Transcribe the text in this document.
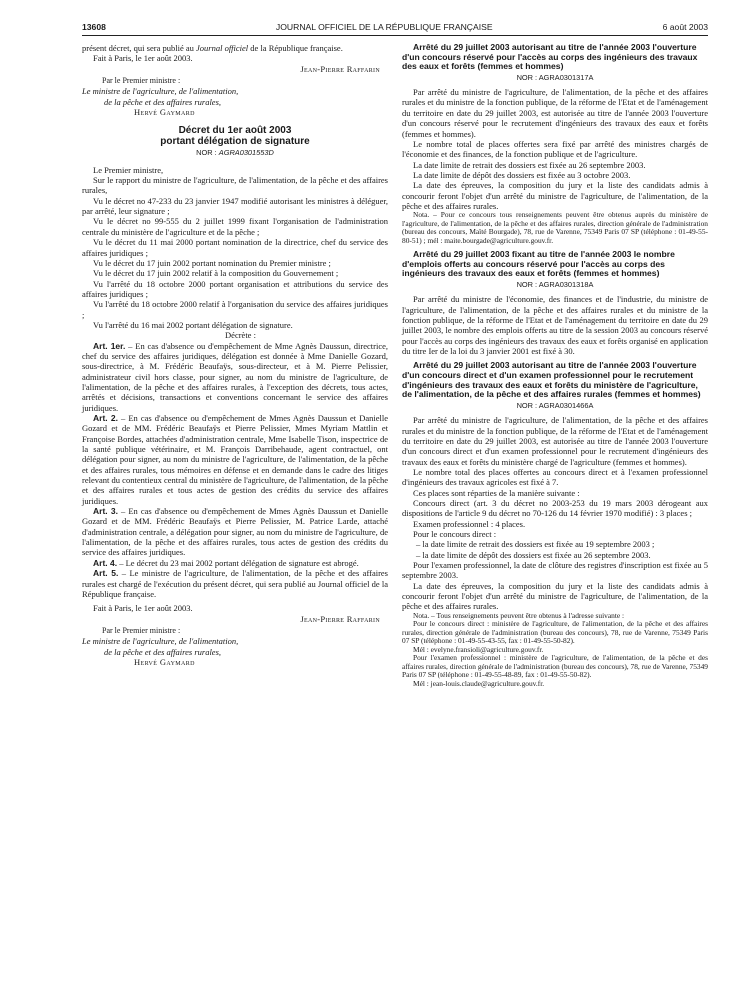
13608	JOURNAL OFFICIEL DE LA RÉPUBLIQUE FRANÇAISE	6 août 2003

présent décret, qui sera publié au Journal officiel de la République française.

Fait à Paris, le 1er août 2003.

Jean-Pierre Raffarin

Par le Premier ministre :
Le ministre de l'agriculture, de l'alimentation,
de la pêche et des affaires rurales,
Hervé Gaymard
Décret du 1er août 2003
portant délégation de signature
NOR : AGRA0301553D

Le Premier ministre,

Sur le rapport du ministre de l'agriculture, de l'alimentation, de la pêche et des affaires rurales,

Vu le décret no 47-233 du 23 janvier 1947 modifié autorisant les ministres à déléguer, par arrêté, leur signature ;

Vu le décret no 99-555 du 2 juillet 1999 fixant l'organisation de l'administration centrale du ministère de l'agriculture et de la pêche ;

Vu le décret du 11 mai 2000 portant nomination de la directrice, chef du service des affaires juridiques ;

Vu le décret du 17 juin 2002 portant nomination du Premier ministre ;

Vu le décret du 17 juin 2002 relatif à la composition du Gouvernement ;

Vu l'arrêté du 18 octobre 2000 portant organisation et attributions du service des affaires juridiques ;

Vu l'arrêté du 18 octobre 2000 relatif à l'organisation du service des affaires juridiques ;

Vu l'arrêté du 16 mai 2002 portant délégation de signature.

Décrète :

Art. 1er. – En cas d'absence ou d'empêchement de Mme Agnès Daussun, directrice, chef du service des affaires juridiques, délégation est donnée à Mme Danielle Gozard, sous-directrice, à M. Frédéric Beaufaÿs, sous-directeur, et à M. Pierre Pelissier, administrateur civil hors classe, pour signer, au nom du ministre de l'agriculture, de l'alimentation, de la pêche et des affaires rurales, à l'exception des décrets, tous actes, arrêtés et décisions, transactions et conventions concernant le service des affaires juridiques.

Art. 2. – En cas d'absence ou d'empêchement de Mmes Agnès Daussun et Danielle Gozard et de MM. Frédéric Beaufaÿs et Pierre Pelissier, Mmes Myriam Mattlin et Françoise Bordes, attachées d'administration centrale, Mme Isabelle Tison, inspectrice de la santé publique vétérinaire, et M. François Darribehaude, agent contractuel, ont délégation pour signer, au nom du ministre de l'agriculture, de l'alimentation, de la pêche et des affaires rurales, tous mémoires en défense et en demande dans le cadre des litiges relevant du contentieux central du ministère de l'agriculture, de l'alimentation, de la pêche et des affaires rurales et tous actes de gestion des crédits du service des affaires juridiques.

Art. 3. – En cas d'absence ou d'empêchement de Mmes Agnès Daussun et Danielle Gozard et de MM. Frédéric Beaufaÿs et Pierre Pelissier, M. Patrice Larde, attaché d'administration centrale, a délégation pour signer, au nom du ministre de l'agriculture, de l'alimentation, de la pêche et des affaires rurales, tous actes de gestion des crédits du service des affaires juridiques.

Art. 4. – Le décret du 23 mai 2002 portant délégation de signature est abrogé.

Art. 5. – Le ministre de l'agriculture, de l'alimentation, de la pêche et des affaires rurales est chargé de l'exécution du présent décret, qui sera publié au Journal officiel de la République française.

Fait à Paris, le 1er août 2003.

Jean-Pierre Raffarin

Par le Premier ministre :
Le ministre de l'agriculture, de l'alimentation,
de la pêche et des affaires rurales,
Hervé Gaymard

Arrêté du 29 juillet 2003 autorisant au titre de l'année 2003 l'ouverture d'un concours réservé pour l'accès au corps des ingénieurs des travaux des eaux et forêts (femmes et hommes)

NOR : AGRA0301317A

Par arrêté du ministre de l'agriculture, de l'alimentation, de la pêche et des affaires rurales et du ministre de la fonction publique, de la réforme de l'Etat et de l'aménagement du territoire en date du 29 juillet 2003, est autorisée au titre de l'année 2003 l'ouverture d'un concours réservé pour le recrutement d'ingénieurs des travaux des eaux et forêts (femmes et hommes).

Le nombre total de places offertes sera fixé par arrêté des ministres chargés de l'économie et des finances, de la fonction publique et de l'agriculture.

La date limite de retrait des dossiers est fixée au 26 septembre 2003.

La date limite de dépôt des dossiers est fixée au 3 octobre 2003.

La date des épreuves, la composition du jury et la liste des candidats admis à concourir feront l'objet d'un arrêté du ministre de l'agriculture, de l'alimentation, de la pêche et des affaires rurales.

Nota. – Pour ce concours tous renseignements peuvent être obtenus auprès du ministère de l'agriculture, de l'alimentation, de la pêche et des affaires rurales, direction générale de l'administration (bureau des concours, Maïté Bourgade), 78, rue de Varenne, 75349 Paris 07 SP (téléphone : 01-49-55-80-51) ; mél : maite.bourgade@agriculture.gouv.fr.

Arrêté du 29 juillet 2003 fixant au titre de l'année 2003 le nombre d'emplois offerts au concours réservé pour l'accès au corps des ingénieurs des travaux des eaux et forêts (femmes et hommes)

NOR : AGRA0301318A

Par arrêté du ministre de l'économie, des finances et de l'industrie, du ministre de l'agriculture, de l'alimentation, de la pêche et des affaires rurales et du ministre de la fonction publique, de la réforme de l'Etat et de l'aménagement du territoire en date du 29 juillet 2003, le nombre des emplois offerts au titre de la session 2003 au concours réservé pour l'accès au corps des ingénieurs des travaux des eaux et forêts organisé en application du titre Ier de la loi du 3 janvier 2001 est fixé à 30.

Arrêté du 29 juillet 2003 autorisant au titre de l'année 2003 l'ouverture d'un concours direct et d'un examen professionnel pour le recrutement d'ingénieurs des travaux des eaux et forêts du ministère de l'agriculture, de l'alimentation, de la pêche et des affaires rurales (femmes et hommes)

NOR : AGRA0301466A

Par arrêté du ministre de l'agriculture, de l'alimentation, de la pêche et des affaires rurales et du ministre de la fonction publique, de la réforme de l'Etat et de l'aménagement du territoire en date du 29 juillet 2003, est autorisée au titre de l'année 2003 l'ouverture d'un concours direct et d'un examen professionnel pour le recrutement d'ingénieurs des travaux des eaux et forêts du ministère chargé de l'agriculture (femmes et hommes).

Le nombre total des places offertes au concours direct et à l'examen professionnel d'ingénieurs des travaux agricoles est fixé à 7.

Ces places sont réparties de la manière suivante :

Concours direct (art. 3 du décret no 2003-253 du 19 mars 2003 dérogeant aux dispositions de l'article 9 du décret no 70-126 du 14 février 1970 modifié) : 3 places ;

Examen professionnel : 4 places.

Pour le concours direct :

– la date limite de retrait des dossiers est fixée au 19 septembre 2003 ;

– la date limite de dépôt des dossiers est fixée au 26 septembre 2003.

Pour l'examen professionnel, la date de clôture des registres d'inscription est fixée au 5 septembre 2003.

La date des épreuves, la composition du jury et la liste des candidats admis à concourir feront l'objet d'un arrêté du ministre de l'agriculture, de l'alimentation, de la pêche et des affaires rurales.

Nota. – Tous renseignements peuvent être obtenus à l'adresse suivante :

Pour le concours direct : ministère de l'agriculture, de l'alimentation, de la pêche et des affaires rurales, direction générale de l'administration (bureau des concours), 78, rue de Varenne, 75349 Paris 07 SP (téléphone : 01-49-55-43-55, fax : 01-49-55-50-82).

Mél : evelyne.fransioli@agriculture.gouv.fr.

Pour l'examen professionnel : ministère de l'agriculture, de l'alimentation, de la pêche et des affaires rurales, direction générale de l'administration (bureau des concours), 78, rue de Varenne, 75349 Paris 07 SP (téléphone : 01-49-55-48-89, fax : 01-49-55-50-82).

Mél : jean-louis.claude@agriculture.gouv.fr.
